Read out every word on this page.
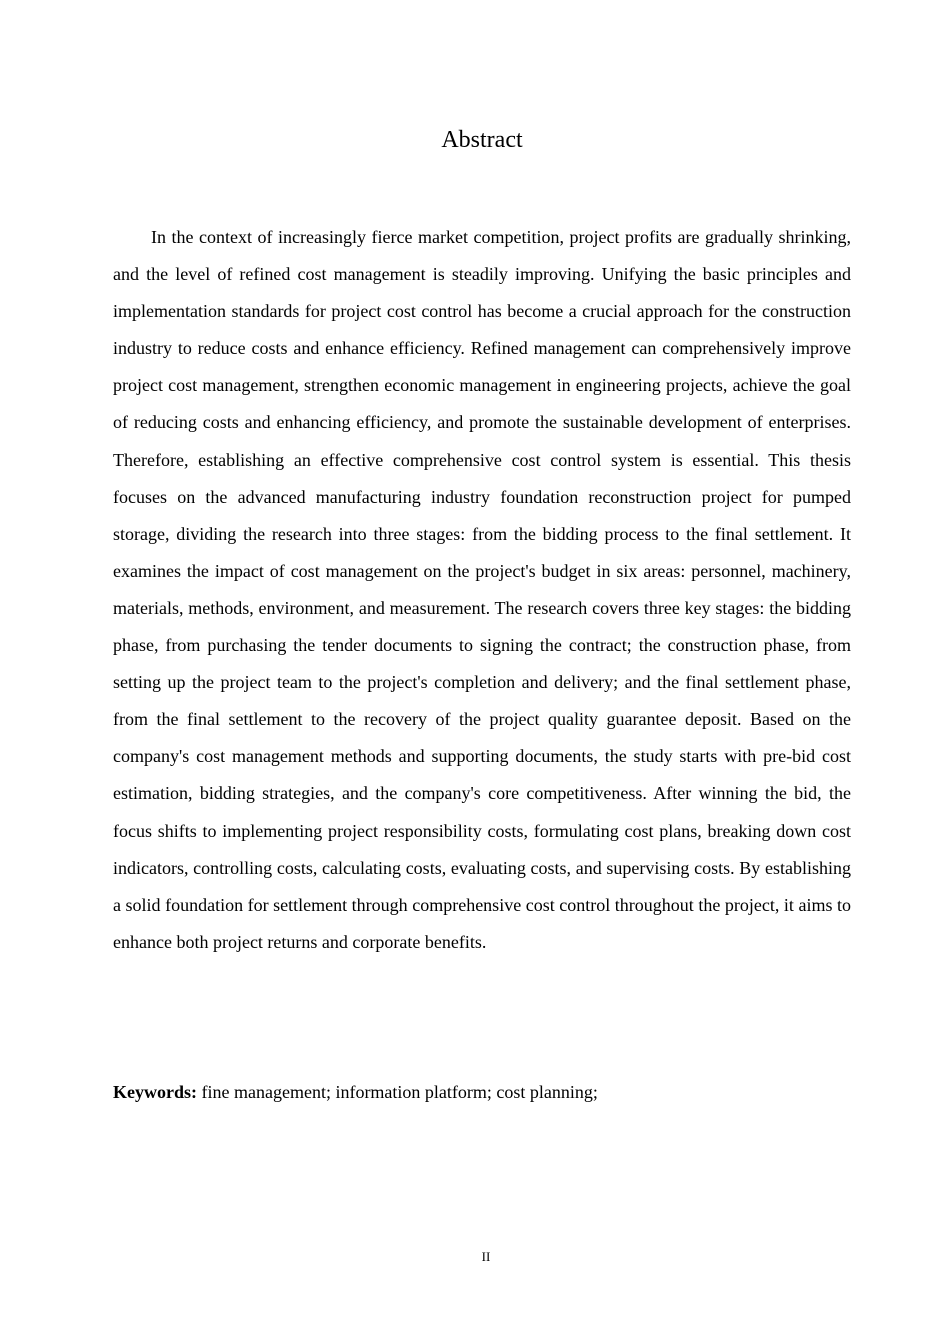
Abstract

In the context of increasingly fierce market competition, project profits are gradually shrinking, and the level of refined cost management is steadily improving. Unifying the basic principles and implementation standards for project cost control has become a crucial approach for the construction industry to reduce costs and enhance efficiency. Refined management can comprehensively improve project cost management, strengthen economic management in engineering projects, achieve the goal of reducing costs and enhancing efficiency, and promote the sustainable development of enterprises. Therefore, establishing an effective comprehensive cost control system is essential. This thesis focuses on the advanced manufacturing industry foundation reconstruction project for pumped storage, dividing the research into three stages: from the bidding process to the final settlement. It examines the impact of cost management on the project's budget in six areas: personnel, machinery, materials, methods, environment, and measurement. The research covers three key stages: the bidding phase, from purchasing the tender documents to signing the contract; the construction phase, from setting up the project team to the project's completion and delivery; and the final settlement phase, from the final settlement to the recovery of the project quality guarantee deposit. Based on the company's cost management methods and supporting documents, the study starts with pre-bid cost estimation, bidding strategies, and the company's core competitiveness. After winning the bid, the focus shifts to implementing project responsibility costs, formulating cost plans, breaking down cost indicators, controlling costs, calculating costs, evaluating costs, and supervising costs. By establishing a solid foundation for settlement through comprehensive cost control throughout the project, it aims to enhance both project returns and corporate benefits.

Keywords: fine management; information platform; cost planning;

II
